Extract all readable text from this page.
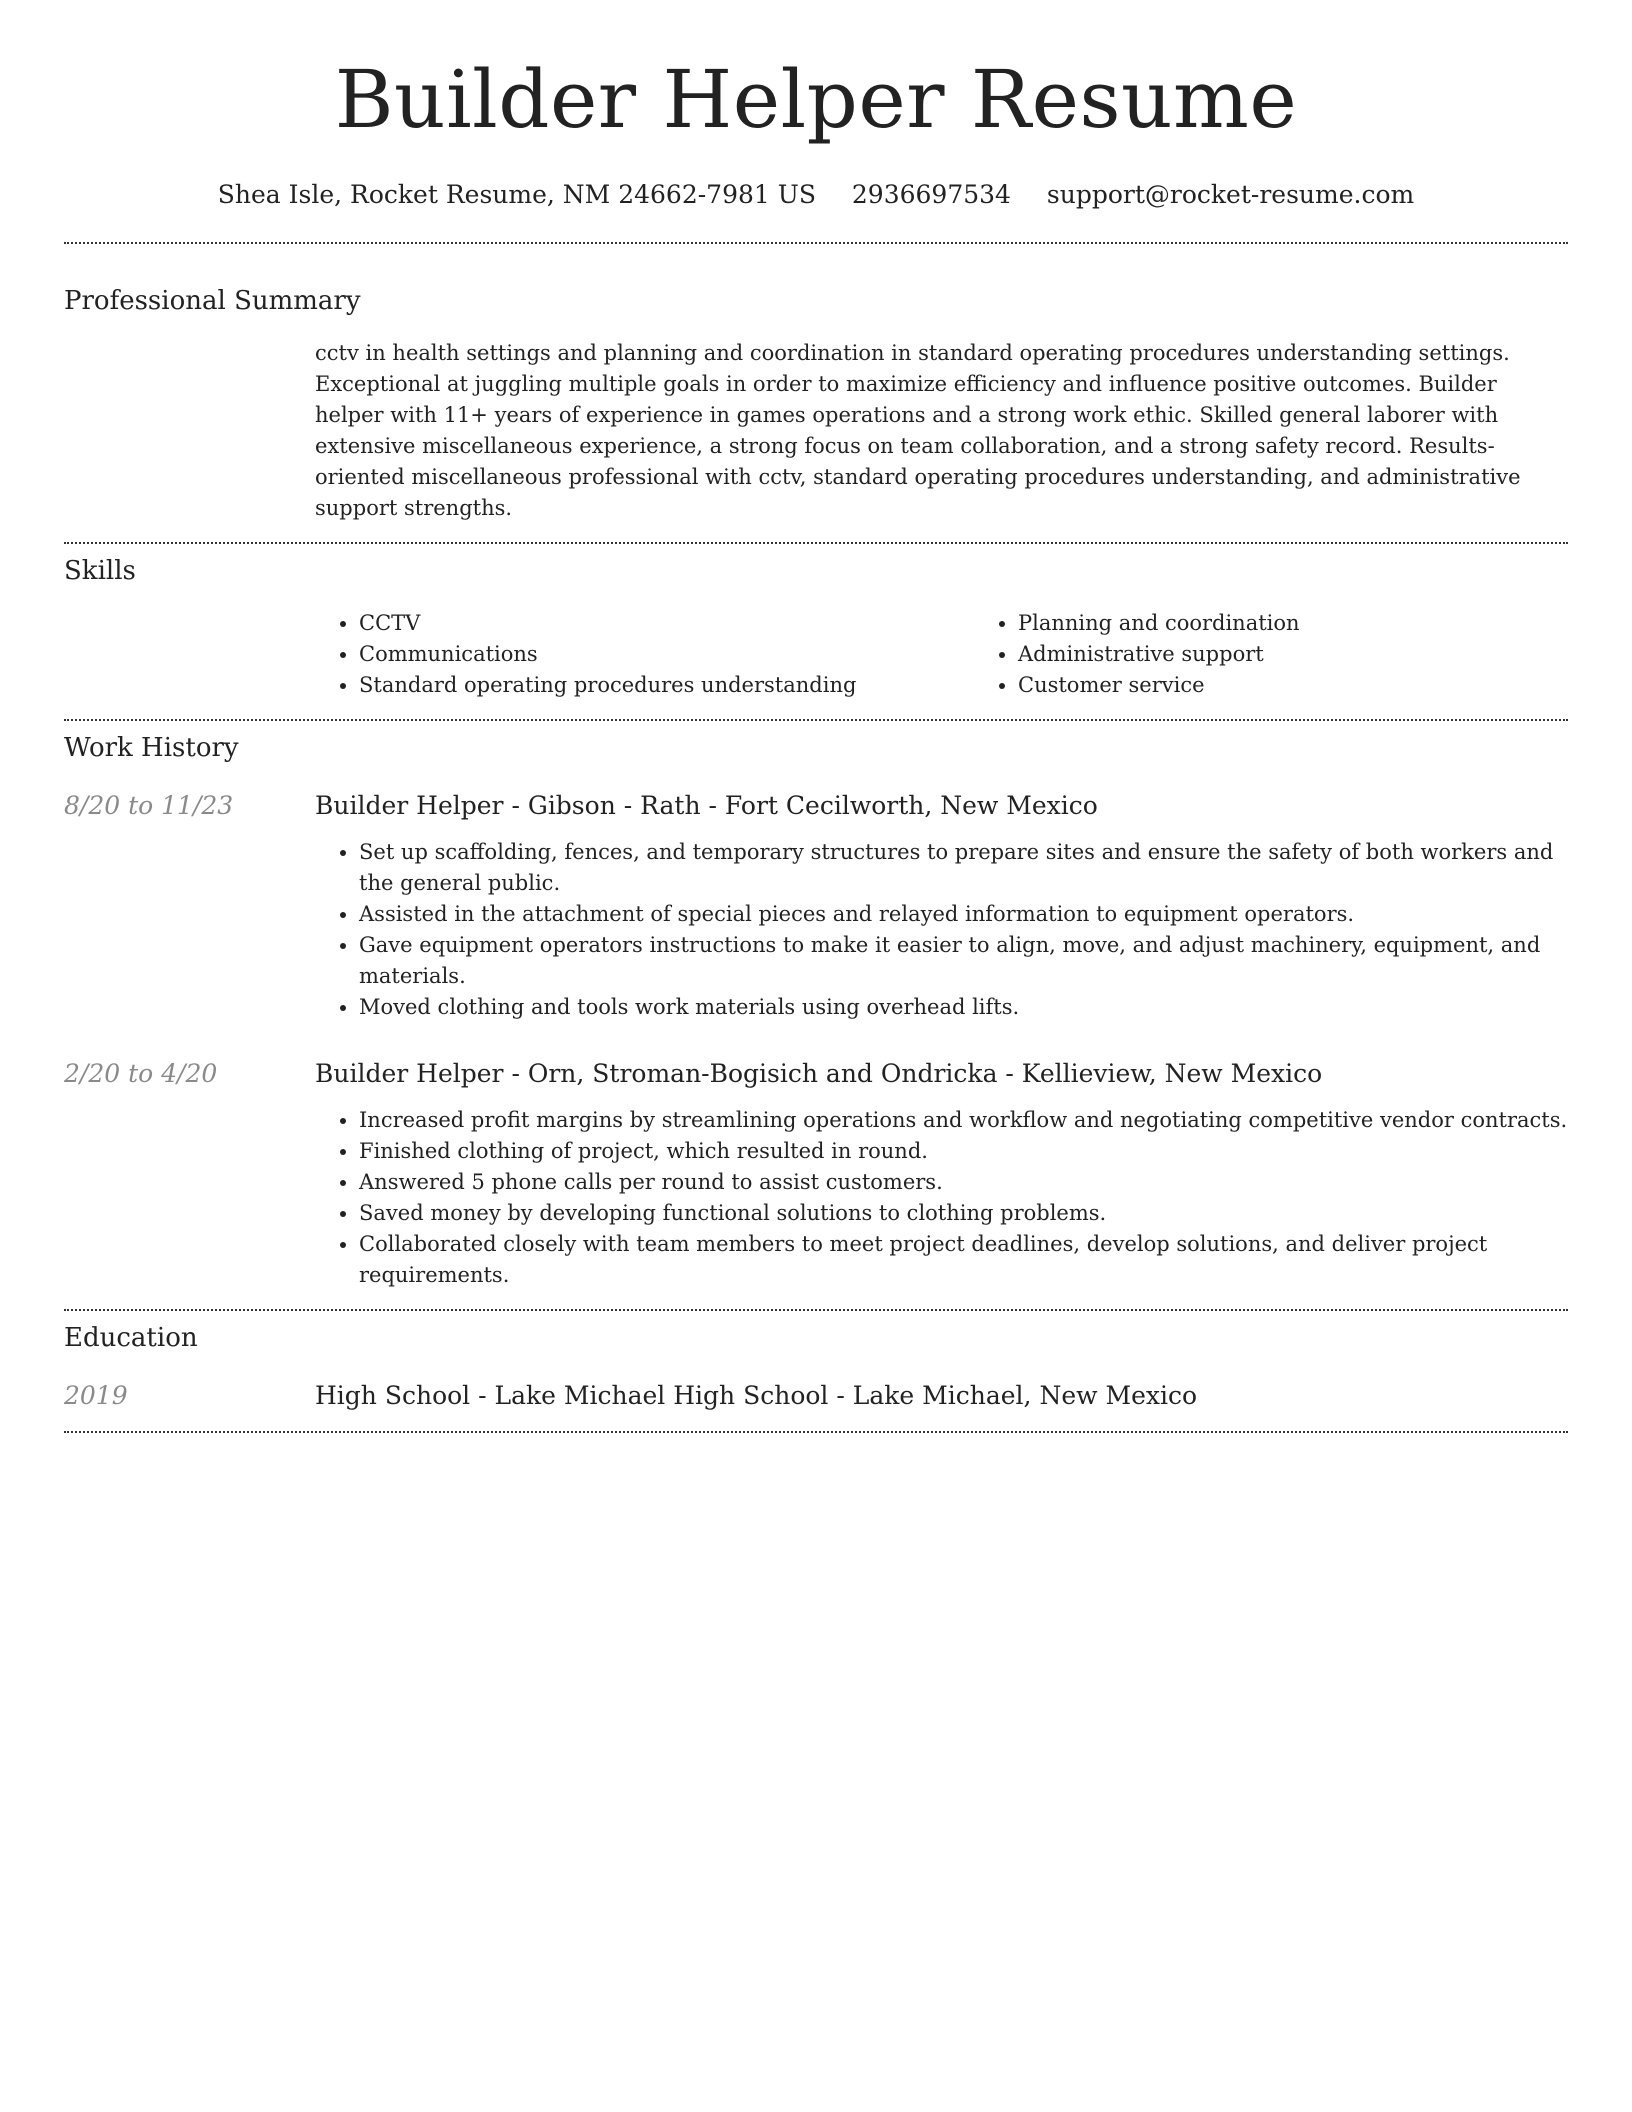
Builder Helper Resume
Shea Isle, Rocket Resume, NM 24662-7981 US 2936697534 support@rocket-resume.com
Professional Summary
cctv in health settings and planning and coordination in standard operating procedures understanding settings. Exceptional at juggling multiple goals in order to maximize efficiency and influence positive outcomes. Builder helper with 11+ years of experience in games operations and a strong work ethic. Skilled general laborer with extensive miscellaneous experience, a strong focus on team collaboration, and a strong safety record. Results-oriented miscellaneous professional with cctv, standard operating procedures understanding, and administrative support strengths.
Skills
• CCTV
• Communications
• Standard operating procedures understanding
• Planning and coordination
• Administrative support
• Customer service
Work History
8/20 to 11/23	Builder Helper - Gibson - Rath - Fort Cecilworth, New Mexico
• Set up scaffolding, fences, and temporary structures to prepare sites and ensure the safety of both workers and the general public.
• Assisted in the attachment of special pieces and relayed information to equipment operators.
• Gave equipment operators instructions to make it easier to align, move, and adjust machinery, equipment, and materials.
• Moved clothing and tools work materials using overhead lifts.
2/20 to 4/20	Builder Helper - Orn, Stroman-Bogisich and Ondricka - Kellieview, New Mexico
• Increased profit margins by streamlining operations and workflow and negotiating competitive vendor contracts.
• Finished clothing of project, which resulted in round.
• Answered 5 phone calls per round to assist customers.
• Saved money by developing functional solutions to clothing problems.
• Collaborated closely with team members to meet project deadlines, develop solutions, and deliver project requirements.
Education
2019	High School - Lake Michael High School - Lake Michael, New Mexico
